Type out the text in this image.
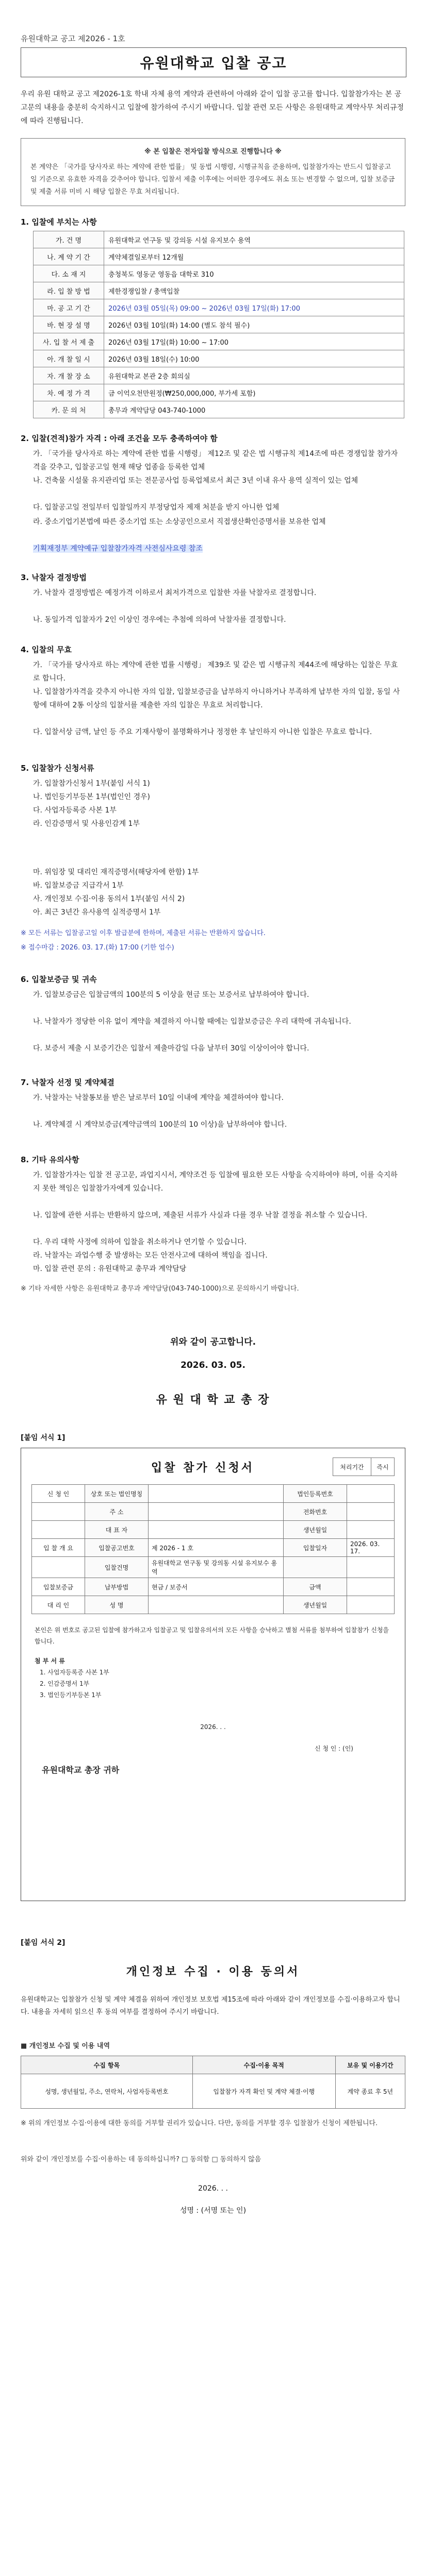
유원대학교 공고 제2026 - 1호
유원대학교 입찰 공고
우리 유원 대학교 공고 제2026-1호 학내 자체 용역 계약과 관련하여 아래와 같이 입찰 공고를 합니다. 입찰참가자는 본 공고문의 내용을 충분히 숙지하시고 입찰에 참가하여 주시기 바랍니다. 입찰 관련 모든 사항은 유원대학교 계약사무 처리규정에 따라 진행됩니다.
※ 본 입찰은 전자입찰 방식으로 진행합니다 ※
본 계약은 「국가를 당사자로 하는 계약에 관한 법률」 및 동법 시행령, 시행규칙을 준용하며, 입찰참가자는 반드시 입찰공고일 기준으로 유효한 자격을 갖추어야 합니다. 입찰서 제출 이후에는 어떠한 경우에도 취소 또는 변경할 수 없으며, 입찰 보증금 및 제출 서류 미비 시 해당 입찰은 무효 처리됩니다.
1. 입찰에 부치는 사항
가. 건 명	유원대학교 연구동 및 강의동 시설 유지보수 용역
나. 계 약 기 간	계약체결일로부터 12개월
다. 소 재 지	충청북도 영동군 영동읍 대학로 310
라. 입 찰 방 법	제한경쟁입찰 / 총액입찰
마. 공 고 기 간	2026년 03월 05일(목) 09:00 ~ 2026년 03월 17일(화) 17:00
바. 현 장 설 명	2026년 03월 10일(화) 14:00 (별도 참석 필수)
사. 입 찰 서 제 출	2026년 03월 17일(화) 10:00 ~ 17:00
아. 개 찰 일 시	2026년 03월 18일(수) 10:00
자. 개 찰 장 소	유원대학교 본관 2층 회의실
차. 예 정 가 격	금 이억오천만원정(₩250,000,000, 부가세 포함)
카. 문 의 처	총무과 계약담당 043-740-1000
2. 입찰(견적)참가 자격 : 아래 조건을 모두 충족하여야 함
가. 「국가를 당사자로 하는 계약에 관한 법률 시행령」 제12조 및 같은 법 시행규칙 제14조에 따른 경쟁입찰 참가자격을 갖추고, 입찰공고일 현재 해당 업종을 등록한 업체
나. 건축물 시설물 유지관리업 또는 전문공사업 등록업체로서 최근 3년 이내 유사 용역 실적이 있는 업체
다. 입찰공고일 전일부터 입찰일까지 부정당업자 제재 처분을 받지 아니한 업체
라. 중소기업기본법에 따른 중소기업 또는 소상공인으로서 직접생산확인증명서를 보유한 업체
기획재정부 계약예규 입찰참가자격 사전심사요령 참조
3. 낙찰자 결정방법
가. 낙찰자 결정방법은 예정가격 이하로서 최저가격으로 입찰한 자를 낙찰자로 결정합니다.
나. 동일가격 입찰자가 2인 이상인 경우에는 추첨에 의하여 낙찰자를 결정합니다.
4. 입찰의 무효
가. 「국가를 당사자로 하는 계약에 관한 법률 시행령」 제39조 및 같은 법 시행규칙 제44조에 해당하는 입찰은 무효로 합니다.
나. 입찰참가자격을 갖추지 아니한 자의 입찰, 입찰보증금을 납부하지 아니하거나 부족하게 납부한 자의 입찰, 동일 사항에 대하여 2통 이상의 입찰서를 제출한 자의 입찰은 무효로 처리합니다.
다. 입찰서상 금액, 날인 등 주요 기재사항이 불명확하거나 정정한 후 날인하지 아니한 입찰은 무효로 합니다.
5. 입찰참가 신청서류
가. 입찰참가신청서 1부(붙임 서식 1)
나. 법인등기부등본 1부(법인인 경우)
다. 사업자등록증 사본 1부
라. 인감증명서 및 사용인감계 1부
마. 위임장 및 대리인 재직증명서(해당자에 한함) 1부
바. 입찰보증금 지급각서 1부
사. 개인정보 수집·이용 동의서 1부(붙임 서식 2)
아. 최근 3년간 유사용역 실적증명서 1부
※ 모든 서류는 입찰공고일 이후 발급분에 한하며, 제출된 서류는 반환하지 않습니다.
※ 접수마감 : 2026. 03. 17.(화) 17:00 (기한 엄수)
6. 입찰보증금 및 귀속
가. 입찰보증금은 입찰금액의 100분의 5 이상을 현금 또는 보증서로 납부하여야 합니다.
나. 낙찰자가 정당한 이유 없이 계약을 체결하지 아니할 때에는 입찰보증금은 우리 대학에 귀속됩니다.
다. 보증서 제출 시 보증기간은 입찰서 제출마감일 다음 날부터 30일 이상이어야 합니다.
7. 낙찰자 선정 및 계약체결
가. 낙찰자는 낙찰통보를 받은 날로부터 10일 이내에 계약을 체결하여야 합니다.
나. 계약체결 시 계약보증금(계약금액의 100분의 10 이상)을 납부하여야 합니다.
8. 기타 유의사항
가. 입찰참가자는 입찰 전 공고문, 과업지시서, 계약조건 등 입찰에 필요한 모든 사항을 숙지하여야 하며, 이를 숙지하지 못한 책임은 입찰참가자에게 있습니다.
나. 입찰에 관한 서류는 반환하지 않으며, 제출된 서류가 사실과 다를 경우 낙찰 결정을 취소할 수 있습니다.
다. 우리 대학 사정에 의하여 입찰을 취소하거나 연기할 수 있습니다.
라. 낙찰자는 과업수행 중 발생하는 모든 안전사고에 대하여 책임을 집니다.
마. 입찰 관련 문의 : 유원대학교 총무과 계약담당
※ 기타 자세한 사항은 유원대학교 총무과 계약담당(043-740-1000)으로 문의하시기 바랍니다.
위와 같이 공고합니다.
2026. 03. 05.
유 원 대 학 교 총 장
[붙임 서식 1]
입찰 참가 신청서	처리기간	즉시
신 청 인	상호 또는 법인명칭		법인등록번호	
	주 소		전화번호	
	대 표 자		생년월일	
입 찰 개 요	입찰공고번호	제 2026 - 1 호	입찰일자	2026. 03. 17.
	입찰건명	유원대학교 연구동 및 강의동 시설 유지보수 용역		
입찰보증금	납부방법	현금 / 보증서	금액	
대 리 인	성 명		생년월일	
본인은 위 번호로 공고된 입찰에 참가하고자 입찰공고 및 입찰유의서의 모든 사항을 승낙하고 별첨 서류를 첨부하여 입찰참가 신청을 합니다.
첨 부 서 류
1. 사업자등록증 사본 1부
2. 인감증명서 1부
3. 법인등기부등본 1부
2026. . .
신 청 인 : (인)
유원대학교 총장 귀하
[붙임 서식 2]
개인정보 수집 · 이용 동의서
유원대학교는 입찰참가 신청 및 계약 체결을 위하여 개인정보 보호법 제15조에 따라 아래와 같이 개인정보를 수집·이용하고자 합니다. 내용을 자세히 읽으신 후 동의 여부를 결정하여 주시기 바랍니다.
■ 개인정보 수집 및 이용 내역
수집 항목	수집·이용 목적	보유 및 이용기간
성명, 생년월일, 주소, 연락처, 사업자등록번호	입찰참가 자격 확인 및 계약 체결·이행	계약 종료 후 5년
※ 위의 개인정보 수집·이용에 대한 동의를 거부할 권리가 있습니다. 다만, 동의를 거부할 경우 입찰참가 신청이 제한됩니다.
위와 같이 개인정보를 수집·이용하는 데 동의하십니까? □ 동의함 □ 동의하지 않음
2026. . .
성명 : (서명 또는 인)
